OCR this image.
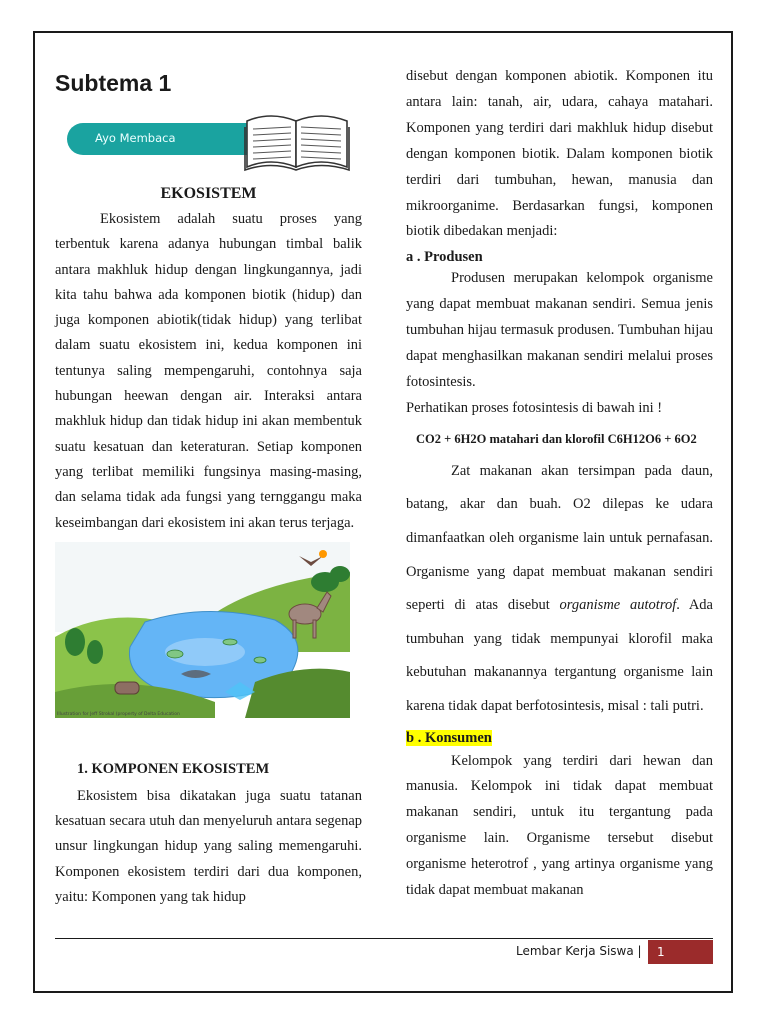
Subtema 1
Ayo Membaca
EKOSISTEM

Ekosistem adalah suatu proses yang terbentuk karena adanya hubungan timbal balik antara makhluk hidup dengan lingkungannya, jadi kita tahu bahwa ada komponen biotik (hidup) dan juga komponen abiotik(tidak hidup) yang terlibat dalam suatu ekosistem ini, kedua komponen ini tentunya saling mempengaruhi, contohnya saja hubungan heewan dengan air. Interaksi antara makhluk hidup dan tidak hidup ini akan membentuk suatu kesatuan dan keteraturan. Setiap komponen yang terlibat memiliki fungsinya masing-masing, dan selama tidak ada fungsi yang ternggangu maka keseimbangan dari ekosistem ini akan terus terjaga.

Illustration for Jeff Strokal (property of Delta Education
1. KOMPONEN EKOSISTEM

Ekosistem bisa dikatakan juga suatu tatanan kesatuan secara utuh dan menyeluruh antara segenap unsur lingkungan hidup yang saling memengaruhi. Komponen ekosistem terdiri dari dua komponen, yaitu: Komponen yang tak hidup

disebut dengan komponen abiotik. Komponen itu antara lain: tanah, air, udara, cahaya matahari. Komponen yang terdiri dari makhluk hidup disebut dengan komponen biotik. Dalam komponen biotik terdiri dari tumbuhan, hewan, manusia dan mikroorganime. Berdasarkan fungsi, komponen biotik dibedakan menjadi:

a . Produsen

Produsen merupakan kelompok organisme yang dapat membuat makanan sendiri. Semua jenis tumbuhan hijau termasuk produsen. Tumbuhan hijau dapat menghasilkan makanan sendiri melalui proses fotosintesis.

Perhatikan proses fotosintesis di bawah ini !

CO2 + 6H2O matahari dan klorofil C6H12O6 + 6O2

Zat makanan akan tersimpan pada daun, batang, akar dan buah. O2 dilepas ke udara dimanfaatkan oleh organisme lain untuk pernafasan. Organisme yang dapat membuat makanan sendiri seperti di atas disebut organisme autotrof. Ada tumbuhan yang tidak mempunyai klorofil maka kebutuhan makanannya tergantung organisme lain karena tidak dapat berfotosintesis, misal : tali putri.

b . Konsumen

Kelompok yang terdiri dari hewan dan manusia. Kelompok ini tidak dapat membuat makanan sendiri, untuk itu tergantung pada organisme lain. Organisme tersebut disebut organisme heterotrof , yang artinya organisme yang tidak dapat membuat makanan

Lembar Kerja Siswa |	1
